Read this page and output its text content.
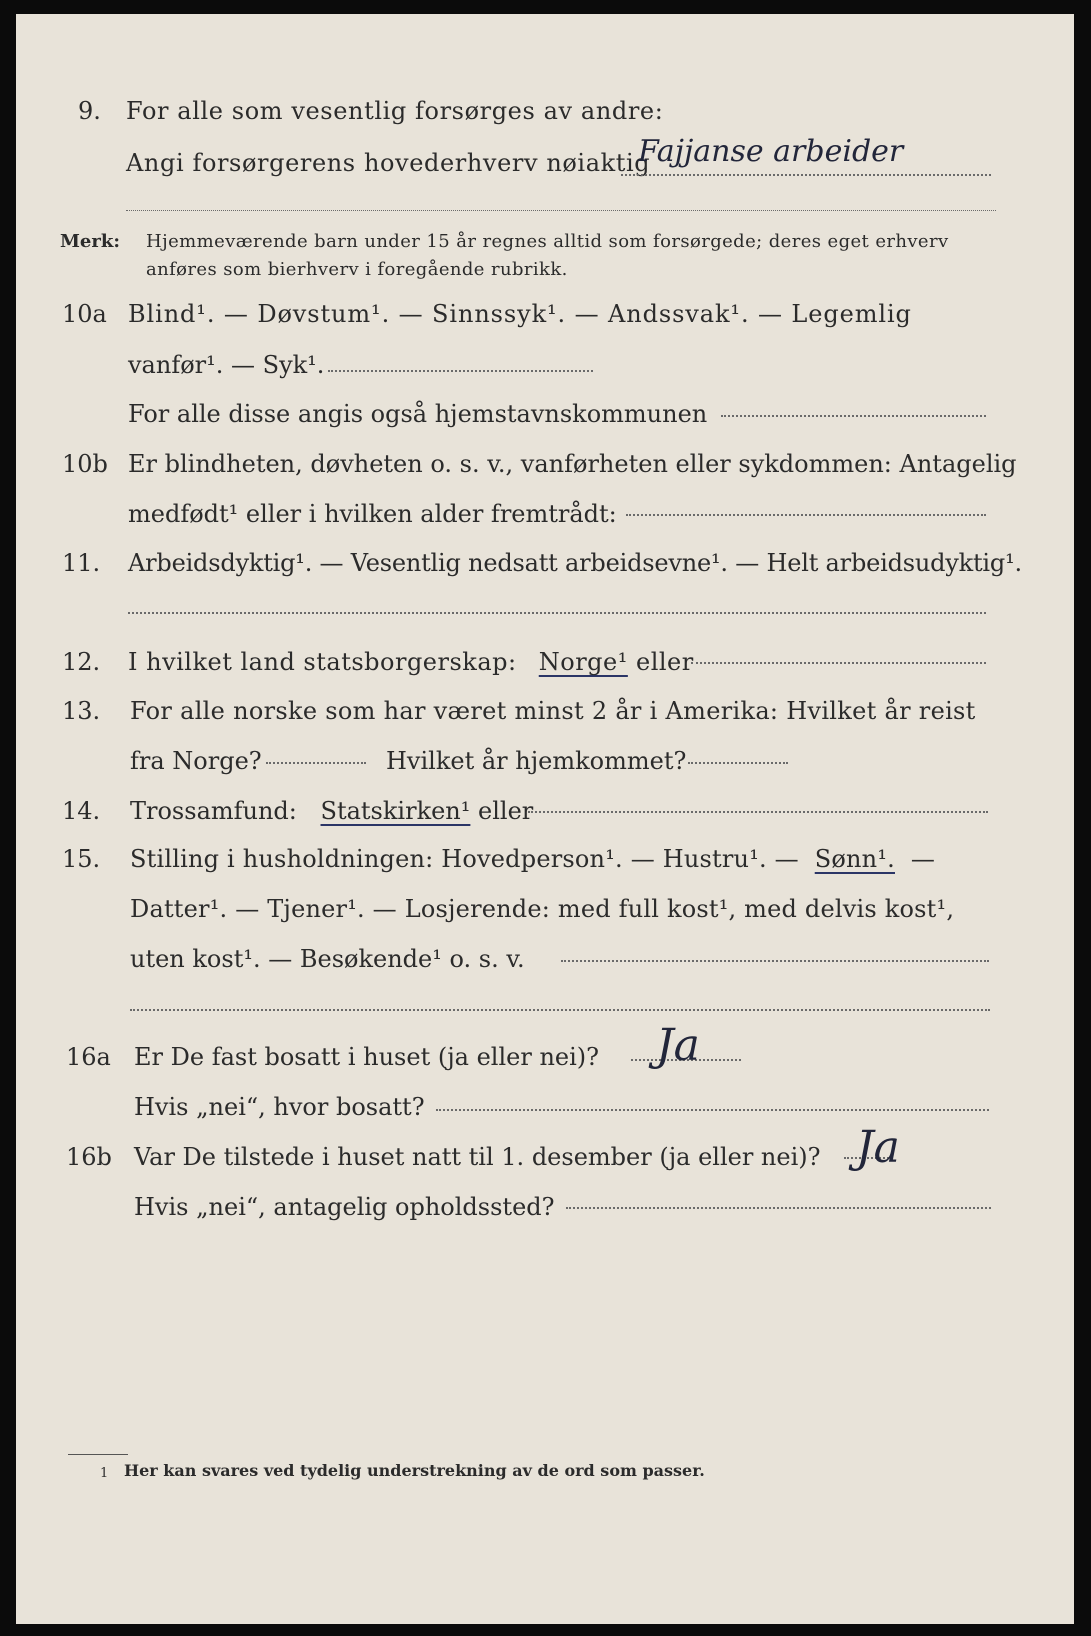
9. For alle som vesentlig forsørges av andre:
Angi forsørgerens hovederhverv nøiaktig
Fajjanse arbeider
Merk: Hjemmeværende barn under 15 år regnes alltid som forsørgede; deres eget erhverv
anføres som bierhverv i foregående rubrikk.
10a Blind¹. — Døvstum¹. — Sinnssyk¹. — Andssvak¹. — Legemlig
vanfør¹. — Syk¹.
For alle disse angis også hjemstavnskommunen
10b Er blindheten, døvheten o. s. v., vanførheten eller sykdommen: Antagelig
medfødt¹ eller i hvilken alder fremtrådt:
11. Arbeidsdyktig¹. — Vesentlig nedsatt arbeidsevne¹. — Helt arbeidsudyktig¹.
12. I hvilket land statsborgerskap: Norge¹ eller
13. For alle norske som har været minst 2 år i Amerika: Hvilket år reist
fra Norge?	Hvilket år hjemkommet?
14. Trossamfund: Statskirken¹ eller
15. Stilling i husholdningen: Hovedperson¹. — Hustru¹. — Sønn¹. —
Datter¹. — Tjener¹. — Losjerende: med full kost¹, med delvis kost¹,
uten kost¹. — Besøkende¹ o. s. v.
16a Er De fast bosatt i huset (ja eller nei)? Ja
Hvis „nei“, hvor bosatt?
16b Var De tilstede i huset natt til 1. desember (ja eller nei)? Ja
Hvis „nei“, antagelig opholdssted?
1 Her kan svares ved tydelig understrekning av de ord som passer.
